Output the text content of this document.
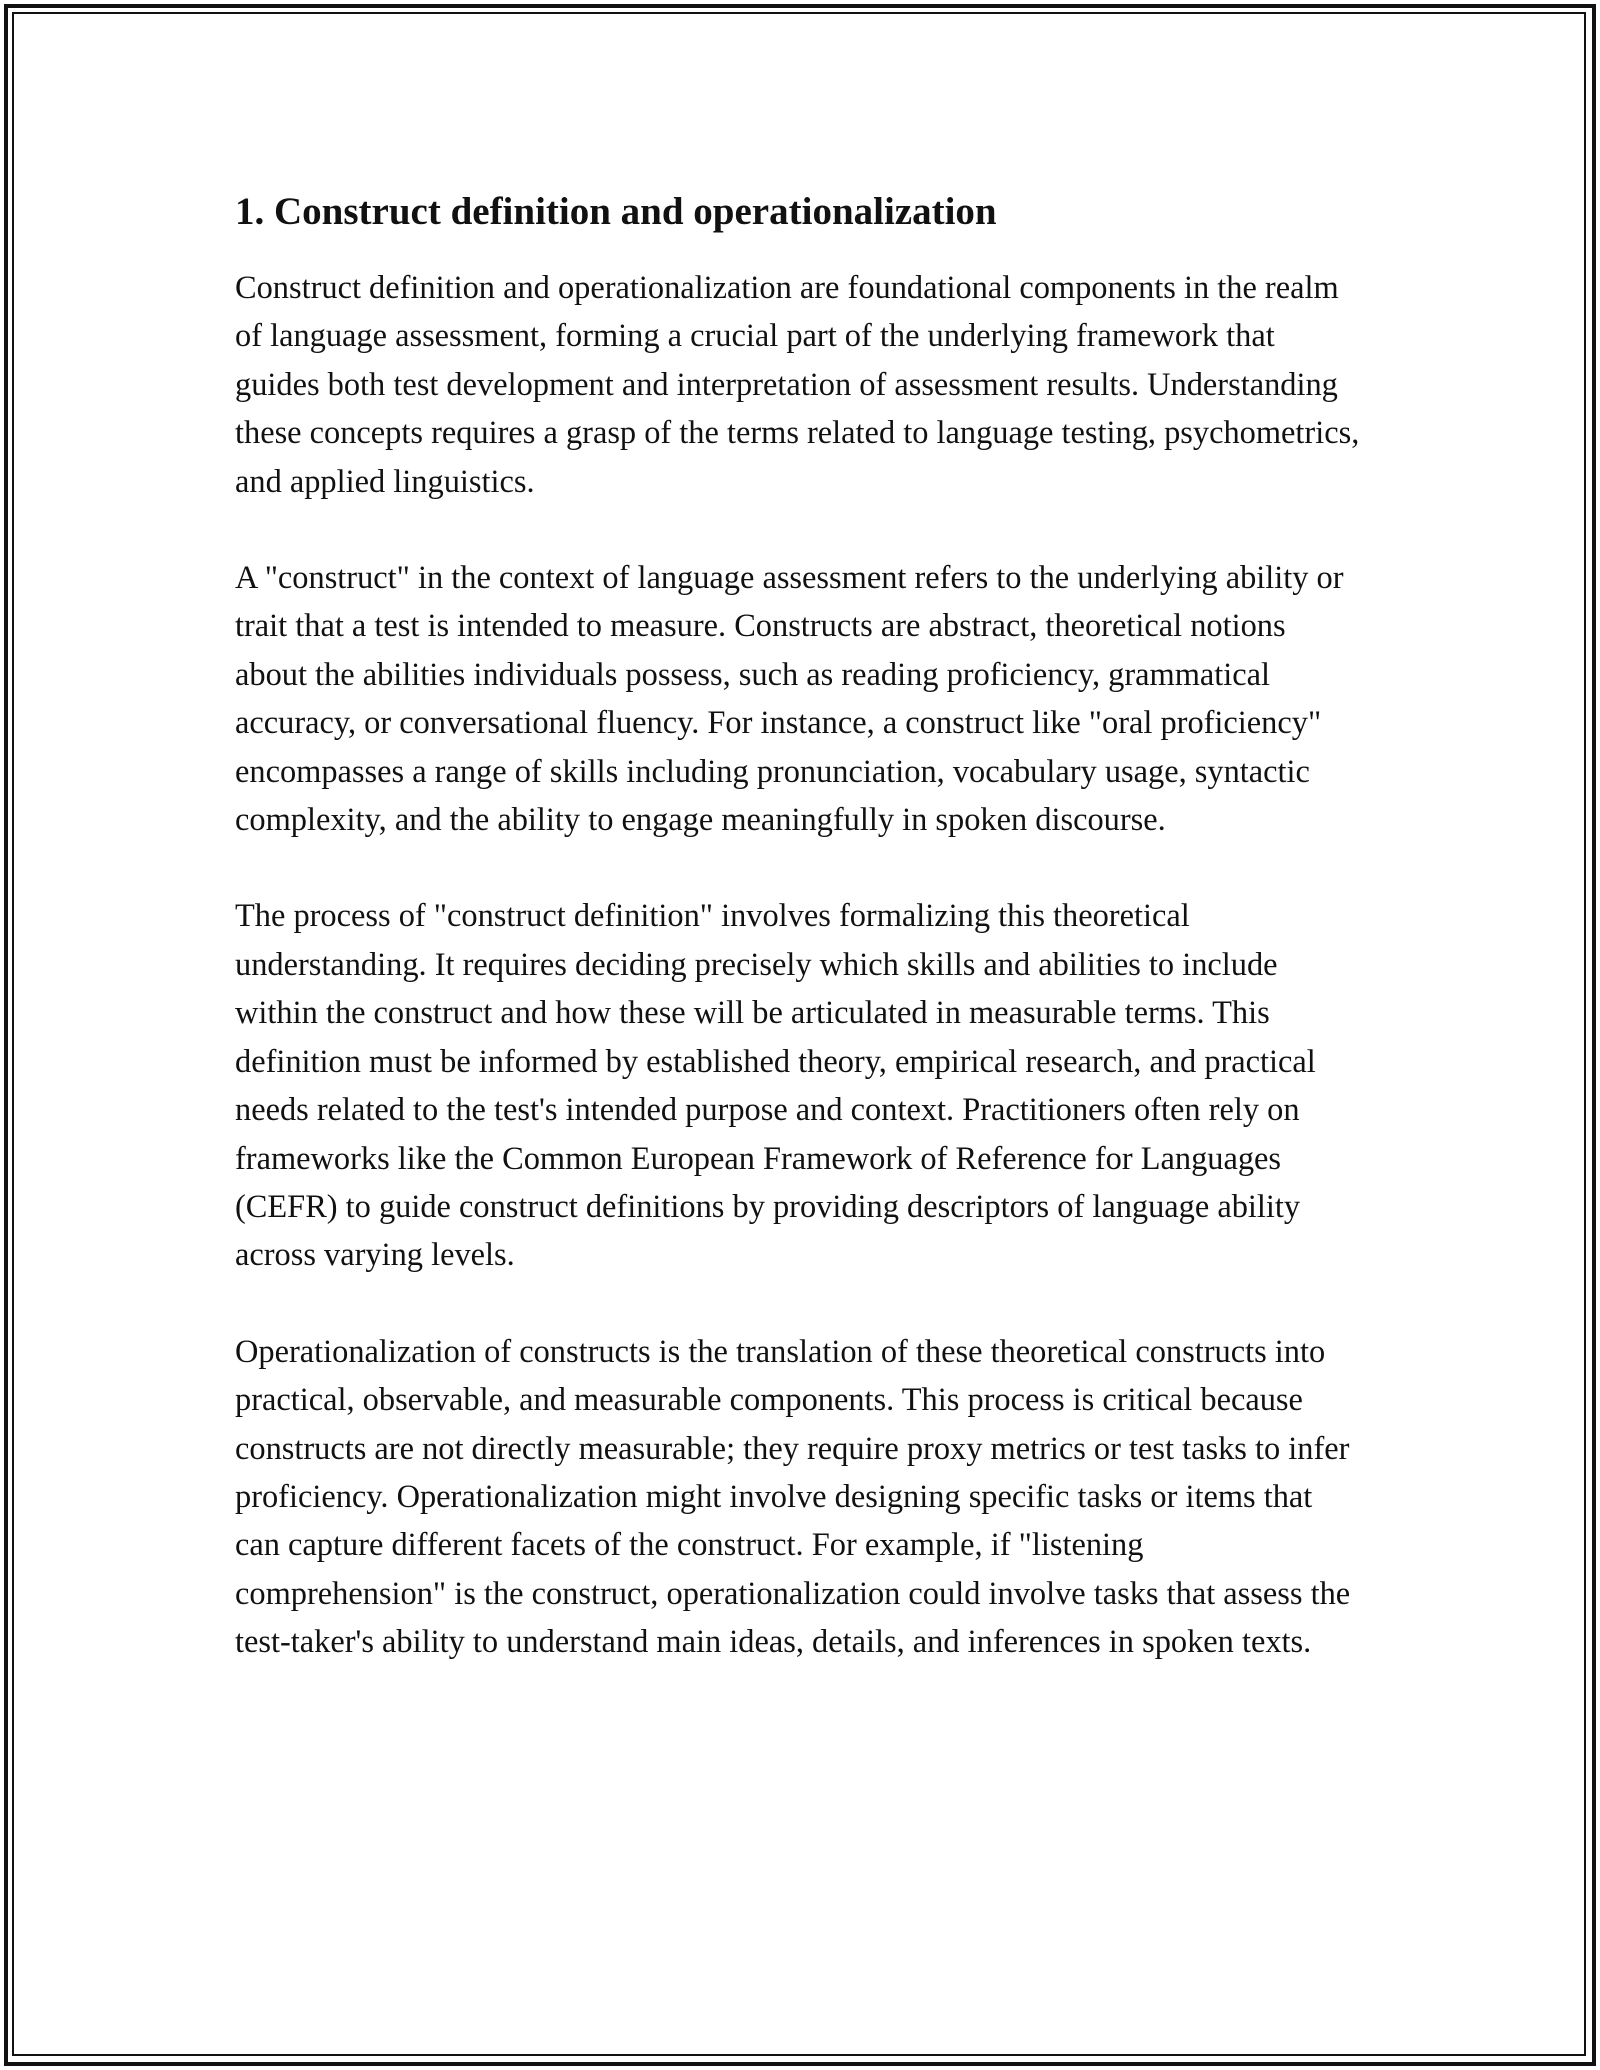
1. Construct definition and operationalization

Construct definition and operationalization are foundational components in the realm of language assessment, forming a crucial part of the underlying framework that guides both test development and interpretation of assessment results. Understanding these concepts requires a grasp of the terms related to language testing, psychometrics, and applied linguistics.

A "construct" in the context of language assessment refers to the underlying ability or trait that a test is intended to measure. Constructs are abstract, theoretical notions about the abilities individuals possess, such as reading proficiency, grammatical accuracy, or conversational fluency. For instance, a construct like "oral proficiency" encompasses a range of skills including pronunciation, vocabulary usage, syntactic complexity, and the ability to engage meaningfully in spoken discourse.

The process of "construct definition" involves formalizing this theoretical understanding. It requires deciding precisely which skills and abilities to include within the construct and how these will be articulated in measurable terms. This definition must be informed by established theory, empirical research, and practical needs related to the test's intended purpose and context. Practitioners often rely on frameworks like the Common European Framework of Reference for Languages (CEFR) to guide construct definitions by providing descriptors of language ability across varying levels.

Operationalization of constructs is the translation of these theoretical constructs into practical, observable, and measurable components. This process is critical because constructs are not directly measurable; they require proxy metrics or test tasks to infer proficiency. Operationalization might involve designing specific tasks or items that can capture different facets of the construct. For example, if "listening comprehension" is the construct, operationalization could involve tasks that assess the test-taker's ability to understand main ideas, details, and inferences in spoken texts.
